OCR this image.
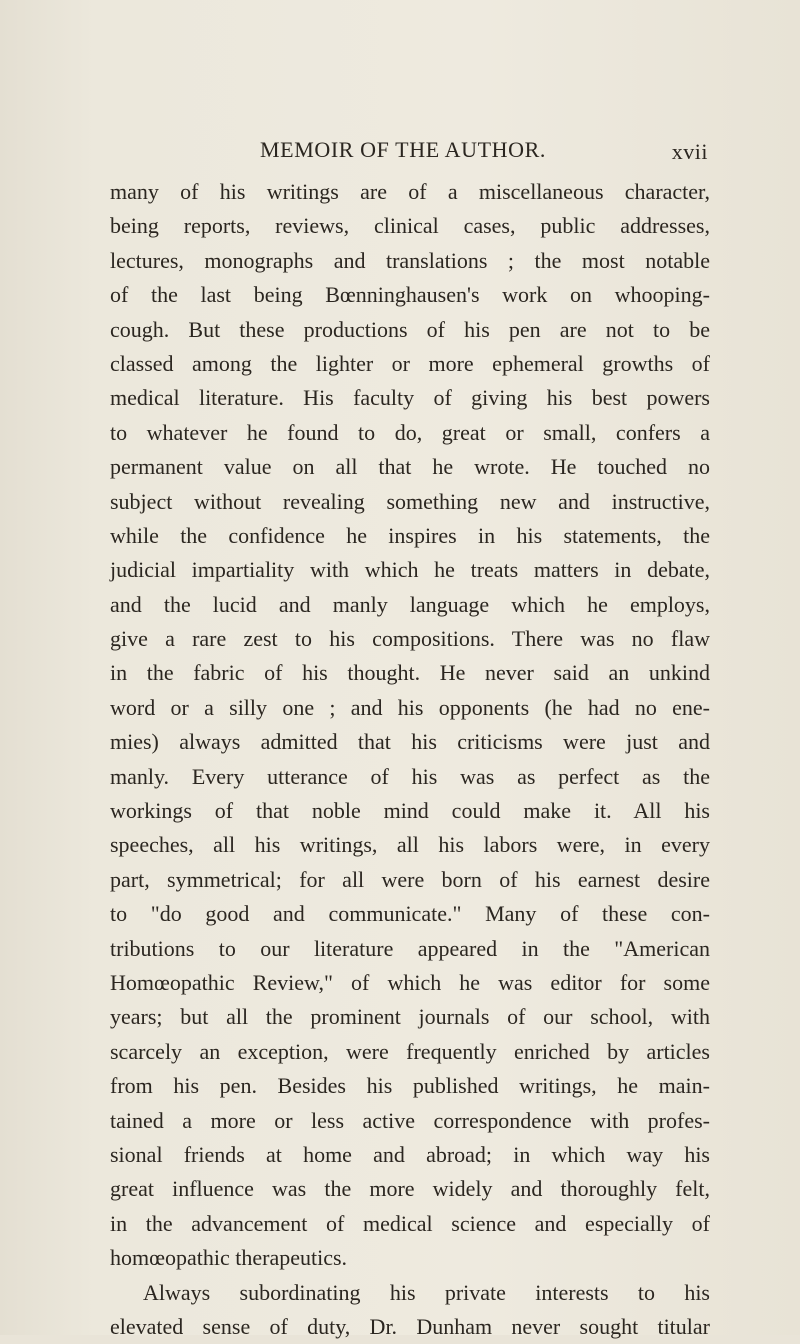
MEMOIR OF THE AUTHOR.	xvii
many of his writings are of a miscellaneous character,
being reports, reviews, clinical cases, public addresses,
lectures, monographs and translations ; the most notable
of the last being Bœnninghausen's work on whooping-
cough. But these productions of his pen are not to be
classed among the lighter or more ephemeral growths of
medical literature. His faculty of giving his best powers
to whatever he found to do, great or small, confers a
permanent value on all that he wrote. He touched no
subject without revealing something new and instructive,
while the confidence he inspires in his statements, the
judicial impartiality with which he treats matters in debate,
and the lucid and manly language which he employs,
give a rare zest to his compositions. There was no flaw
in the fabric of his thought. He never said an unkind
word or a silly one ; and his opponents (he had no ene-
mies) always admitted that his criticisms were just and
manly. Every utterance of his was as perfect as the
workings of that noble mind could make it. All his
speeches, all his writings, all his labors were, in every
part, symmetrical; for all were born of his earnest desire
to "do good and communicate." Many of these con-
tributions to our literature appeared in the "American
Homœopathic Review," of which he was editor for some
years; but all the prominent journals of our school, with
scarcely an exception, were frequently enriched by articles
from his pen. Besides his published writings, he main-
tained a more or less active correspondence with profes-
sional friends at home and abroad; in which way his
great influence was the more widely and thoroughly felt,
in the advancement of medical science and especially of
homœopathic therapeutics.
Always subordinating his private interests to his
elevated sense of duty, Dr. Dunham never sought titular
